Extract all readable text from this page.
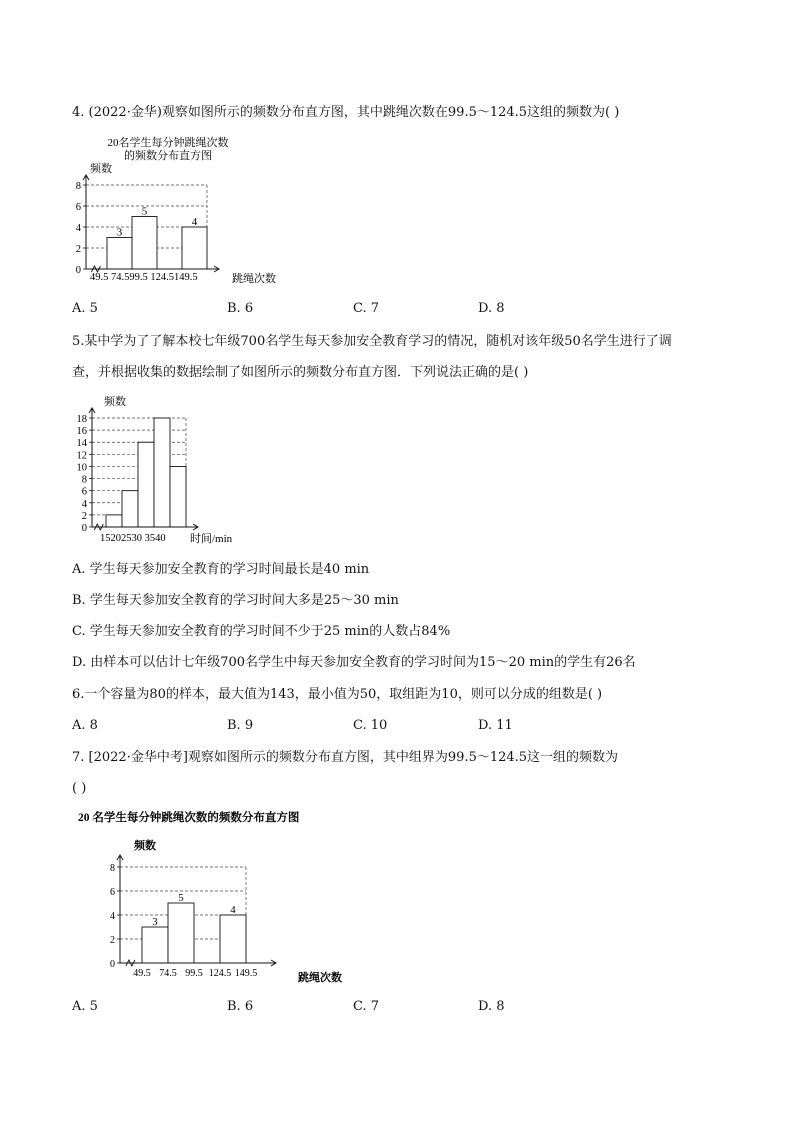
4. (2022·金华)观察如图所示的频数分布直方图，其中跳绳次数在99.5～124.5这组的频数为( )
20名学生每分钟跳绳次数
的频数分布直方图
频数
0
2
4
6
8
3
5
4
49.5 74.599.5 124.5149.5	跳绳次数
A. 5	B. 6	C. 7	D. 8
5.某中学为了了解本校七年级700名学生每天参加安全教育学习的情况，随机对该年级50名学生进行了调
查，并根据收集的数据绘制了如图所示的频数分布直方图．下列说法正确的是( )
频数
0
2
4
6
8
10
12
14
16
18
15202530 3540 时间/min
A. 学生每天参加安全教育的学习时间最长是40 min
B. 学生每天参加安全教育的学习时间大多是25～30 min
C. 学生每天参加安全教育的学习时间不少于25 min的人数占84%
D. 由样本可以估计七年级700名学生中每天参加安全教育的学习时间为15～20 min的学生有26名
6.一个容量为80的样本，最大值为143，最小值为50，取组距为10，则可以分成的组数是( )
A. 8	B. 9	C. 10	D. 11
7. [2022·金华中考]观察如图所示的频数分布直方图，其中组界为99.5～124.5这一组的频数为
( )
20 名学生每分钟跳绳次数的频数分布直方图
频数
0
2
4
6
8
3
5
4
49.5 74.5 99.5 124.5 149.5	跳绳次数
A. 5	B. 6	C. 7	D. 8
